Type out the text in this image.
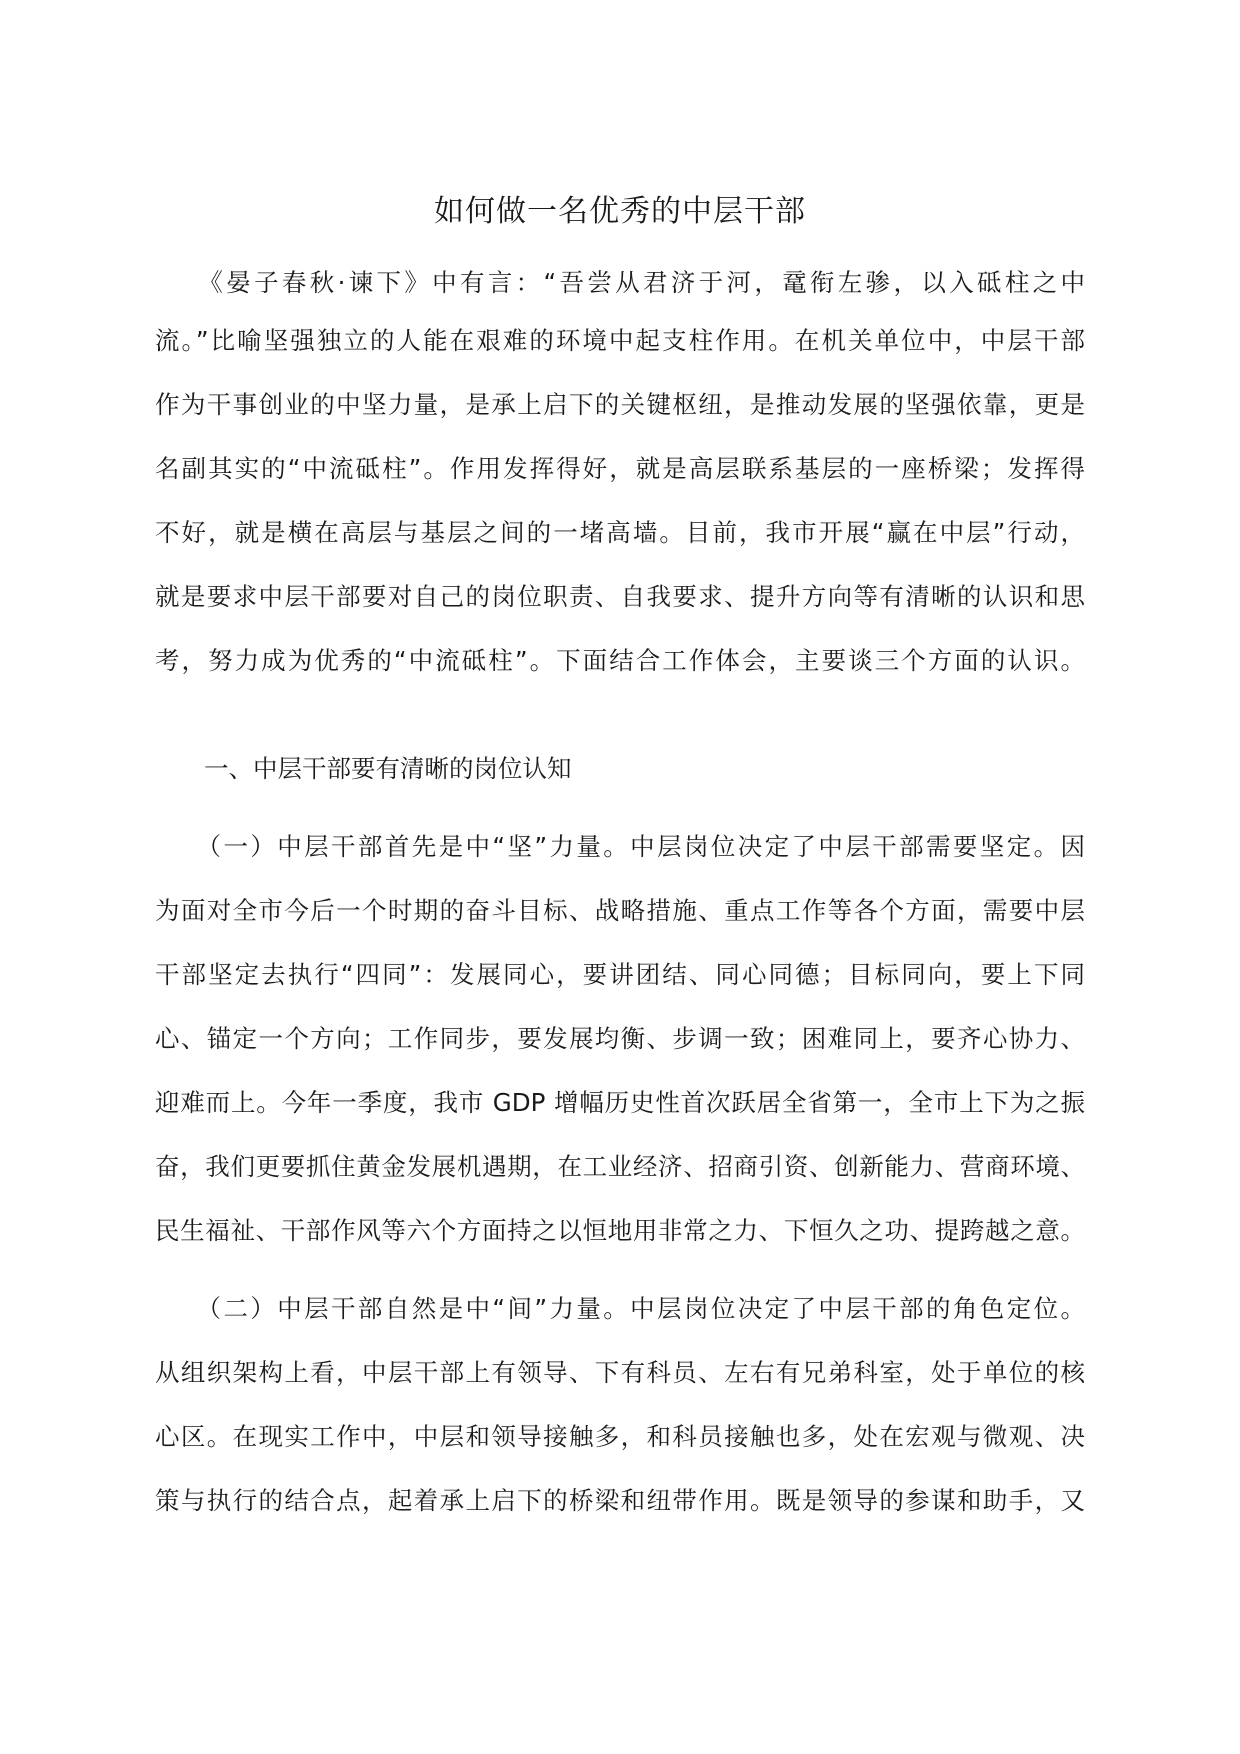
如何做一名优秀的中层干部

　　《晏子春秋·谏下》中有言：“吾尝从君济于河，鼋衔左骖，以入砥柱之中

流。”比喻坚强独立的人能在艰难的环境中起支柱作用。在机关单位中，中层干部

作为干事创业的中坚力量，是承上启下的关键枢纽，是推动发展的坚强依靠，更是

名副其实的“中流砥柱”。作用发挥得好，就是高层联系基层的一座桥梁；发挥得

不好，就是横在高层与基层之间的一堵高墙。目前，我市开展“赢在中层”行动，

就是要求中层干部要对自己的岗位职责、自我要求、提升方向等有清晰的认识和思

考，努力成为优秀的“中流砥柱”。下面结合工作体会，主要谈三个方面的认识。

　　一、中层干部要有清晰的岗位认知

　　（一）中层干部首先是中“坚”力量。中层岗位决定了中层干部需要坚定。因

为面对全市今后一个时期的奋斗目标、战略措施、重点工作等各个方面，需要中层

干部坚定去执行“四同”：发展同心，要讲团结、同心同德；目标同向，要上下同

心、锚定一个方向；工作同步，要发展均衡、步调一致；困难同上，要齐心协力、

迎难而上。今年一季度，我市 GDP 增幅历史性首次跃居全省第一，全市上下为之振

奋，我们更要抓住黄金发展机遇期，在工业经济、招商引资、创新能力、营商环境、

民生福祉、干部作风等六个方面持之以恒地用非常之力、下恒久之功、提跨越之意。

　　（二）中层干部自然是中“间”力量。中层岗位决定了中层干部的角色定位。

从组织架构上看，中层干部上有领导、下有科员、左右有兄弟科室，处于单位的核

心区。在现实工作中，中层和领导接触多，和科员接触也多，处在宏观与微观、决

策与执行的结合点，起着承上启下的桥梁和纽带作用。既是领导的参谋和助手，又
